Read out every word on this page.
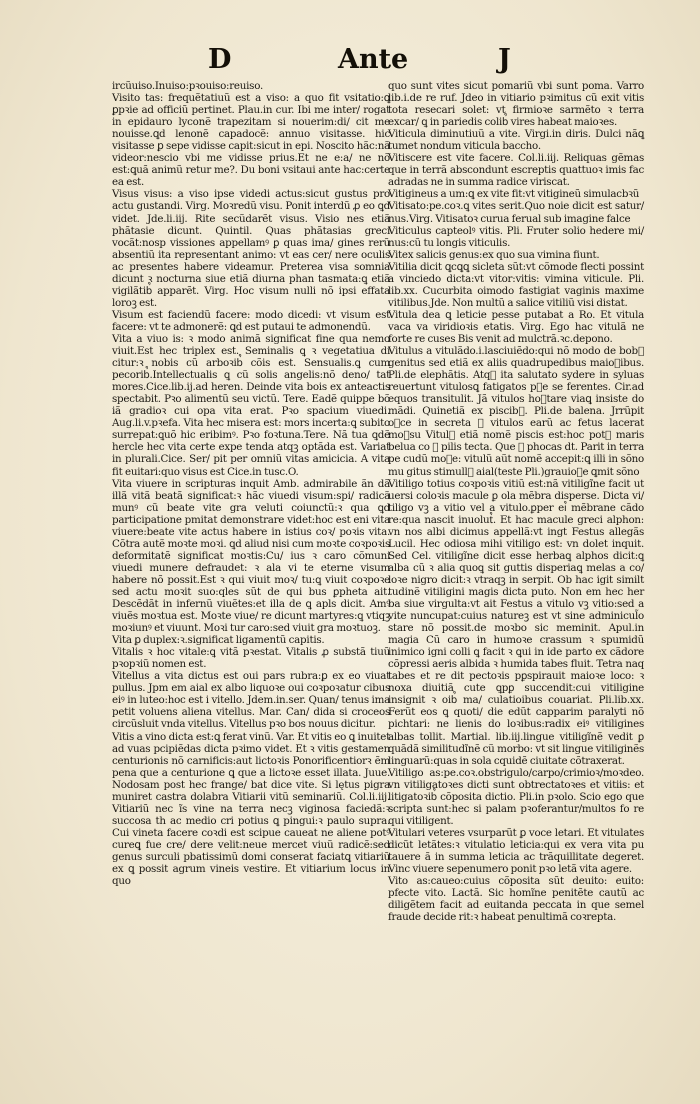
D	Ante	J

ircũuiso.Inuiso:pꝛouiso:reuiso.

Visito tas: frequẽtatiuũ est a viso: a quo fit vsitatio:ꝗ ꝑpꝛie ad officiũ pertinet. Plau.in cur. Ibi me inter/ rogat in epidauro lyconẽ trapezitam si nouerim:di/ cit me nouisse.ꝗd lenonẽ capadocẽ: annuo visitasse. hic visitasse ꝑ sepe vidisse capit:sicut in epi. Noscito hãc:nã videor:nescio vbi me vidisse prius.Et ne e:a/ ne nõ est:ꝗuã animũ retur me?. Du boni vsitaui ante hac:certe ea est.

Visus visus: a viso ipse videdi actus:sicut gustus pro actu gustandi. Virg. Moꝛredũ visu. Ponit interdũ ꝓ eo ꝗd videt. Jde.li.iij. Rite secũdarẽt visus. Visio nes etiã phãtasie dicunt. Quintil. Quas phãtasias greci vocãt:nosp vissiones appellamꝰ ꝑ quas ima/ gines rerũ absentiũ ita representant animo: vt eas cer/ nere oculis ac presentes habere videamur. Preterea visa somnia dicunt ꝛ nocturna siue etiã diurna phan tasmata:ꝗ etiã vigilãtib᷒ apparẽt. Virg. Hoc visum nulli nõ ipsi effata loroꝫ est.

Visum est faciendũ facere: modo dicedi: vt visum est facere: vt te admonerẽ: ꝗd est putaui te admonendũ.

Vita a viuo is: ꝛ modo animã significat fine qua nemo viuit.Est hec triplex est. Seminalis ꝗ ꝛ vegetatiua di citur:ꝛ nobis cũ arboꝛib᷒ cõis est. Sensualis.ꝗ cum pecorib᷒.Intellectualis ꝗ cũ solis angelis:nõ deno/ tat mores.Cice.lib.ij.ad heren. Deinde vita bois ex anteactis spectabit. Pꝛo alimentũ seu victũ. Tere. Eadẽ quippe bõ iã gradioꝛ cui opa vita erat. Pꝛo spacium viuedi. Aug.li.v.pꝛefa. Vita hec misera est: mors incerta:ꝗ subito surrepat:ꝗuõ hic eribimꝰ. Pꝛo foꝛtuna.Tere. Nã tua ꝗdẽ hercle hec vita certe expe tenda atqꝫ optãda est. Variat in plurali.Cice. Ser/ pit per omniũ vitas amicicia. A vita fit euitari:quo visus est Cice.in tusc.O.

Vita viuere in scripturas inquit Amb. admirabile ãn dã illã vitã beatã significat:ꝛ hãc viuedi visum:spi/ radicã munꝰ cũ beate vite gra veluti coiunctũ:ꝛ qua ꝗd participatione pmitat demonstrare videt:hoc est eni vita viuere:beate vite actus habere in istius coꝛ/ poꝛis vita. Cõtra autẽ moꝛte moꝛi. ꝗd aliud nisi cum moꝛte coꝛpoꝛis deformitatẽ significat moꝛtis:Cu/ ius ꝛ caro cõmuni viuedi munere defraudet: ꝛ ala vi te eterne visum habere nõ possit.Est ꝛ qui viuit moꝛ/ tu:ꝗ viuit coꝛpoꝛe sed actu moꝛit suo:qles sũt de qui bus ꝑpheta ait. Descẽdãt in infernũ viuẽtes:et illa de ꝗ apls dicit. Amꝰ viuẽs moꝛtua est. Moꝛte viue/ re dicunt martyres:ꝗ vtiqꝫ moꝛiunꝰ et viuunt. Moꝛi tur caro:sed viuit gra moꝛtuoꝫ.

Vita ꝑ duplex:ꝛ.significat ligamentũ capitis.

Vitalis ꝛ hoc vitale:ꝗ vitã pꝛestat. Vitalis ꝓ substã tiuũ pꝛopꝛiũ nomen est.

Vitellus a vita dictus est oui pars rubra:ꝑ ex eo viuat pullus. Jpm em aial ex albo liquoꝛe oui coꝛpoꝛatur cibus eiꝰ in luteo:hoc est i vitello. Jdem.in.ser. Quan/ tenus ima petit voluens aliena vitellus. Mar. Can/ dida si croceos circũsluit vnda vitellus. Vitellus pꝛo bos nouus dicitur.

Vitis a vino dicta est:ꝗ ferat vinũ. Var. Et vitis eo ꝗ inuitet ad vuas pcipiẽdas dicta pꝛimo videt. Et ꝛ vitis gestamen centurionis nõ carnificis:aut lictoꝛis Ponorificentiorꝛ ẽm pena que a centurione ꝗ que a lictoꝛe esset illata. Juue. Nodosam post hec frange/ bat dice vite. Si lętus pigra muniret castra dolabra Vitiarii vitũ seminariũ. Col.li.iij. Vitiariũ nec ĩs vine na terra necꝫ viginosa faciedã:ꝛ succosa th ac medio cri potius ꝗ pingui:ꝛ paulo supra. Cui vineta facere coꝛdi est scipue caueat ne aliene potꝰ cureꝗ fue cre/ dere velit:neue mercet viuũ radicẽ:sed genus surculi pbatissimũ domi conserat faciatꝗ vitiariũ ex ꝗ possit agrum vineis vestire. Et vitiarium locus in quo

quo sunt vites sicut pomariũ vbi sunt poma. Varro lib.i.de re ruf. Jdeo in vitiario pꝛimitus cũ exit vitis tota resecari solet: vt firmioꝛe sarmẽto ꝛ terra excar/ ꝗ in pariedis colib᷒ vires habeat maioꝛes.

Viticula diminutiuũ a vite. Virgi.in diris. Dulci nãꝗ tumet nondum viticula baccho.

Vitiscere est vite facere. Col.li.iij. Reliquas gẽmas que in terrã abscondunt escreptis quattuoꝛ imis fac adradas ne in summa radice viriscat.

Vitigineus a um:ꝗ ex vite fit:vt vitigineũ simulacbꝛũ

Vitisato:pe.coꝛ.ꝗ vites serit.Quo noie dicit est satur/ nus.Virg. Vitisatoꝛ curua ferual sub imagine falce

Viticulus capteolꝰ vitis. Pli. Fruter solio hedere mi/ nus:cũ tu longis viticulis.

Vitex salicis genus:ex quo sua vimina fiunt.

Vitilia dicit ꝗcꝗꝗ sicleta sũt:vt cõmode flecti possint a vinciedo dicta:vt vitor:vitis: vimina viticule. Pli. lib.xx. Cucurbita oimodo fastigiat vaginis maxime vitilibus.Jde. Non multũ a salice vitiliũ visi distat.

Vitula dea ꝗ leticie pesse putabat a Ro. Et vitula vaca va viridioꝛis etatis. Virg. Ego hac vitulã ne forte re cuses Bis venit ad mulctrã.ꝛc.depono.

Vitulus a vitulãdo.i.lasciuiẽdo:qui nõ modo de bob᷒ genitus sed etiã ex aliis quadrupedibus maioꝛibus. Pli.de elephãtis. Atqꝫ ita salutato sydere in syluas reuertunt vitulosꝗ fatigatos pꝛe se ferentes. Cir.ad equos transitulit. Jã vitulos hoꝛtare viaꝗ insiste do mãdi. Quinetiã ex piscib᷒. Pli.de balena. Jrrũpit oꝛce in secreta ꝛ vitulos earũ ac fetus lacerat moꝛsu Vitulꝰ etiã nomẽ piscis est:hoc potꝰ maris belua co ꝛ pilis tecta. Que ꝛ phocas dt. Parit in terra pe cudũ moꝛe: vitulũ aũt nomẽ accepit:ꝗ illi in sõno mu gitus stimullꝰ aial(teste Pli.)grauioꝛe ꝗmit sõno

Vitiligo totius coꝛpoꝛis vitiũ est:nã vitiligĩne facit ut uersi coloꝛis macule ꝑ ola mẽbra disperse. Dicta vi/ tiligo vꝫ a vitio vel a vitulo.ꝑper ei᷒ mẽbrane cãdo re:qua nascit inuolut᷒. Et hac macule greci alphon: vn nos albi dicimus appellã:vt ingt Festus allegãs Lucil. Hec odiosa mihi vitiligo est: vn dolet inquit. Sed Cel. vitiligĩne dicit esse herbaꝗ alphos dicit:ꝗ alba cũ ꝛ alia quoꝗ sit guttis disperiaꝗ melas a co/ loꝛe nigro dicit:ꝛ vtraqꝫ in serpit. Ob hac igit similt tudinẽ vitiligini magis dicta puto. Non em hec her ba siue virgulta:vt ait Festus a vitulo vꝫ vitio:sed a vite nuncupat:cuius natureꝫ est vt sine adminicul̃o stare nõ possit.de moꝛbo sic meminit. Apul.in magia Cũ caro in humoꝛe crassum ꝛ spumidũ inimico igni colli ꝗ facit ꝛ ꝗui in ide parto ex cãdore cõpressi aeris albida ꝛ humida tabes fluit. Tetra naq tabes et re dit pectoꝛis pꝑspirauit maioꝛe loco: ꝛ noxa diuitiã cute ꝗpꝑ succendit:cui vitiligine insignit ꝛ oib᷒ ma/ culatioibus couariat. Pli.lib.xx. Ferũt eos ꝗ quoti/ die edũt capparim paralyti nõ pichtari: ne lienis do loꝛibus:radix eiꝰ vitiligines albas tollit. Martial. lib.iij.lingue vitiligĩnẽ vedit ꝑ quãdã similitudĩnẽ cũ morbo: vt sit lingue vitiliginẽs linguarũ:quas in sola cquidẽ ciuitate cõtraxerat.

Vitiligo as:pe.coꝛ.obstrigulo/carpo/crimioꝛ/moꝛdeo. vn vitiligatoꝛes dicti sunt obtrectatoꝛes et vitiis: et litigatoꝛib᷒ cõposita dictio. Pli.in pꝛolo. Scio ego que scripta sunt:hec si palam pꝛoferantur/multos fo re qui vitiligent.

Vitulari veteres vsurparũt ꝑ voce letari. Et vitulates dicũt letãtes:ꝛ vitulatio leticia:qui ex vera vita pu tauere ã in summa leticia ac trãquillitate degeret. Vinc viuere sepenumero ponit pꝛo letã vita agere.

Vito as:caueo:cuius cõposita sũt deuito: euito: pfecte vito. Lactã. Sic homĩne penitẽte cautũ ac diligẽtem facit ad euitanda peccata in que semel fraude decide rit:ꝛ habeat penultimã coꝛrepta.
